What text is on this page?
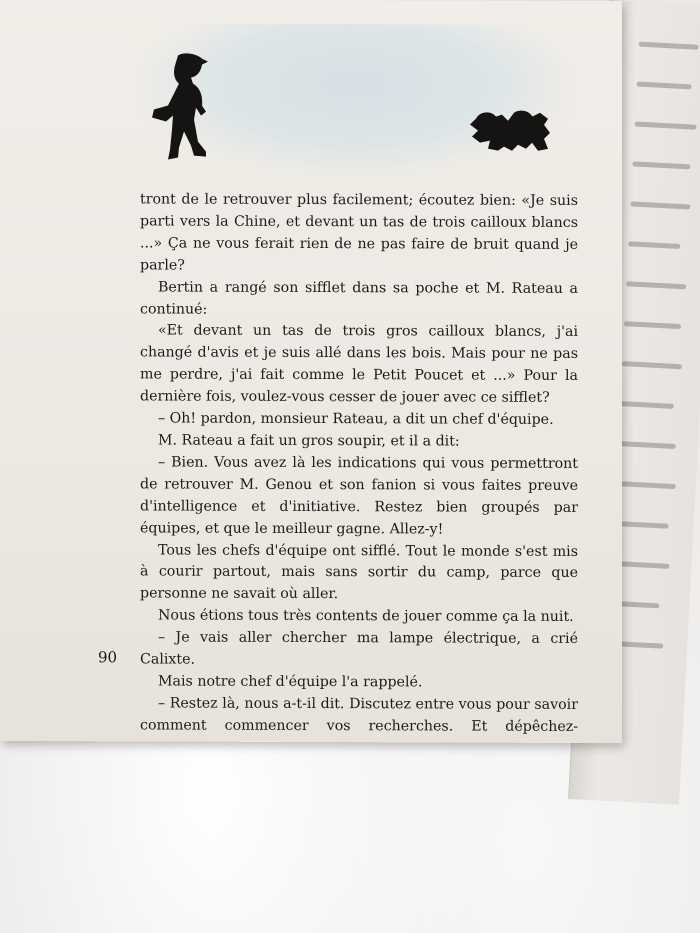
tront de le retrouver plus facilement; écoutez bien: «Je suis parti vers la Chine, et devant un tas de trois cailloux blancs ...» Ça ne vous ferait rien de ne pas faire de bruit quand je parle?

Bertin a rangé son sifflet dans sa poche et M. Rateau a continué:

«Et devant un tas de trois gros cailloux blancs, j'ai changé d'avis et je suis allé dans les bois. Mais pour ne pas me perdre, j'ai fait comme le Petit Poucet et ...» Pour la dernière fois, voulez-vous cesser de jouer avec ce sifflet?

– Oh! pardon, monsieur Rateau, a dit un chef d'équipe.

M. Rateau a fait un gros soupir, et il a dit:

– Bien. Vous avez là les indications qui vous permettront de retrouver M. Genou et son fanion si vous faites preuve d'intelligence et d'initiative. Restez bien groupés par équipes, et que le meilleur gagne. Allez-y!

Tous les chefs d'équipe ont sifflé. Tout le monde s'est mis à courir partout, mais sans sortir du camp, parce que personne ne savait où aller.

Nous étions tous très contents de jouer comme ça la nuit.

– Je vais aller chercher ma lampe électrique, a crié Calixte.

Mais notre chef d'équipe l'a rappelé.

– Restez là, nous a-t-il dit. Discutez entre vous pour savoir comment commencer vos recherches. Et dépêchez-

90
